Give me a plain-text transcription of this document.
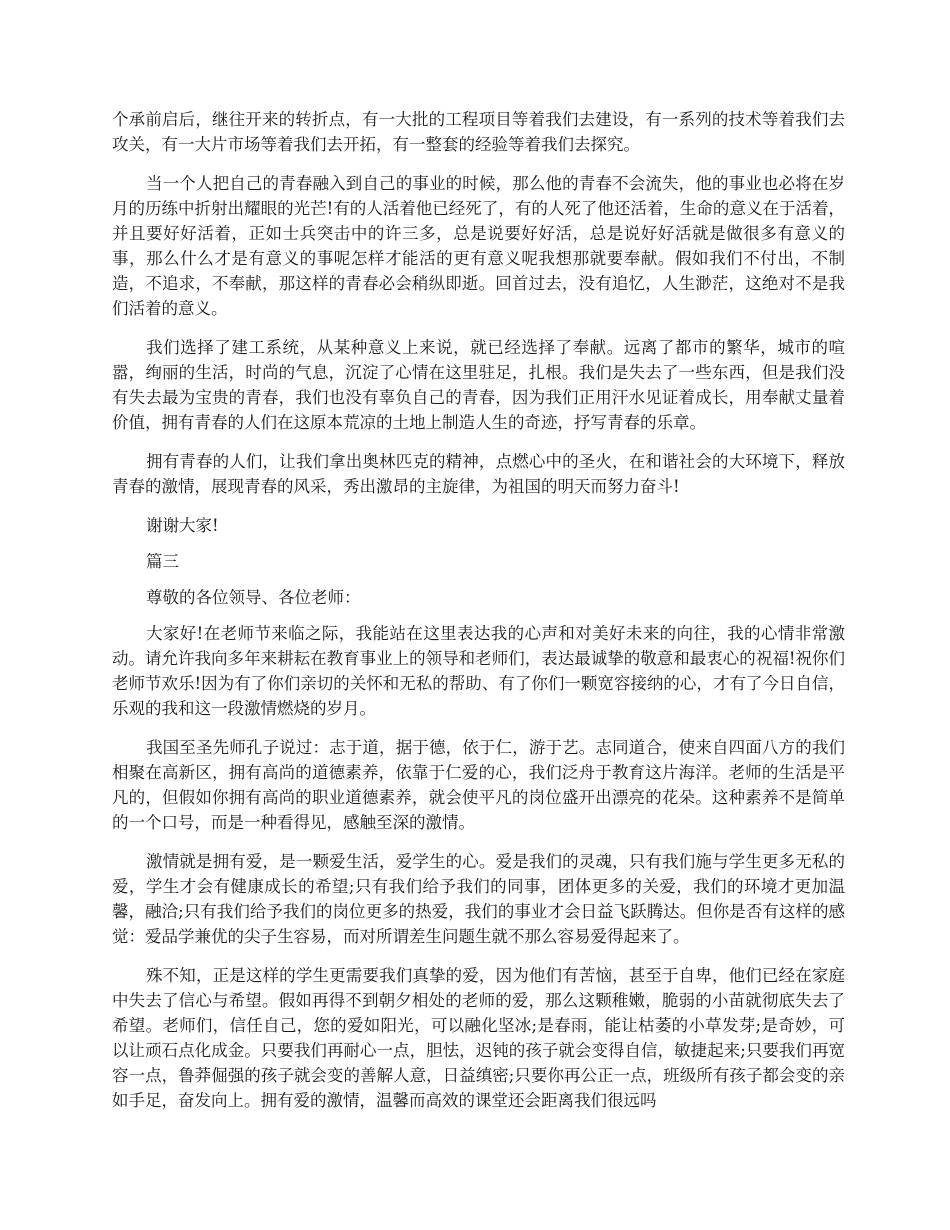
个承前启后，继往开来的转折点，有一大批的工程项目等着我们去建设，有一系列的技术等着我们去攻关，有一大片市场等着我们去开拓，有一整套的经验等着我们去探究。

当一个人把自己的青春融入到自己的事业的时候，那么他的青春不会流失，他的事业也必将在岁月的历练中折射出耀眼的光芒!有的人活着他已经死了，有的人死了他还活着，生命的意义在于活着，并且要好好活着，正如士兵突击中的许三多，总是说要好好活，总是说好好活就是做很多有意义的事，那么什么才是有意义的事呢怎样才能活的更有意义呢我想那就要奉献。假如我们不付出，不制造，不追求，不奉献，那这样的青春必会稍纵即逝。回首过去，没有追忆，人生渺茫，这绝对不是我们活着的意义。

我们选择了建工系统，从某种意义上来说，就已经选择了奉献。远离了都市的繁华，城市的喧嚣，绚丽的生活，时尚的气息，沉淀了心情在这里驻足，扎根。我们是失去了一些东西，但是我们没有失去最为宝贵的青春，我们也没有辜负自己的青春，因为我们正用汗水见证着成长，用奉献丈量着价值，拥有青春的人们在这原本荒凉的土地上制造人生的奇迹，抒写青春的乐章。

拥有青春的人们，让我们拿出奥林匹克的精神，点燃心中的圣火，在和谐社会的大环境下，释放青春的激情，展现青春的风采，秀出激昂的主旋律，为祖国的明天而努力奋斗!

谢谢大家!

篇三

尊敬的各位领导、各位老师：

大家好!在老师节来临之际，我能站在这里表达我的心声和对美好未来的向往，我的心情非常激动。请允许我向多年来耕耘在教育事业上的领导和老师们，表达最诚挚的敬意和最衷心的祝福!祝你们老师节欢乐!因为有了你们亲切的关怀和无私的帮助、有了你们一颗宽容接纳的心，才有了今日自信，乐观的我和这一段激情燃烧的岁月。

我国至圣先师孔子说过：志于道，据于德，依于仁，游于艺。志同道合，使来自四面八方的我们相聚在高新区，拥有高尚的道德素养，依靠于仁爱的心，我们泛舟于教育这片海洋。老师的生活是平凡的，但假如你拥有高尚的职业道德素养，就会使平凡的岗位盛开出漂亮的花朵。这种素养不是简单的一个口号，而是一种看得见，感触至深的激情。

激情就是拥有爱，是一颗爱生活，爱学生的心。爱是我们的灵魂，只有我们施与学生更多无私的爱，学生才会有健康成长的希望;只有我们给予我们的同事，团体更多的关爱，我们的环境才更加温馨，融洽;只有我们给予我们的岗位更多的热爱，我们的事业才会日益飞跃腾达。但你是否有这样的感觉：爱品学兼优的尖子生容易，而对所谓差生问题生就不那么容易爱得起来了。

殊不知，正是这样的学生更需要我们真挚的爱，因为他们有苦恼，甚至于自卑，他们已经在家庭中失去了信心与希望。假如再得不到朝夕相处的老师的爱，那么这颗稚嫩，脆弱的小苗就彻底失去了希望。老师们，信任自己，您的爱如阳光，可以融化坚冰;是春雨，能让枯萎的小草发芽;是奇妙，可以让顽石点化成金。只要我们再耐心一点，胆怯，迟钝的孩子就会变得自信，敏捷起来;只要我们再宽容一点，鲁莽倔强的孩子就会变的善解人意，日益缜密;只要你再公正一点，班级所有孩子都会变的亲如手足，奋发向上。拥有爱的激情，温馨而高效的课堂还会距离我们很远吗
